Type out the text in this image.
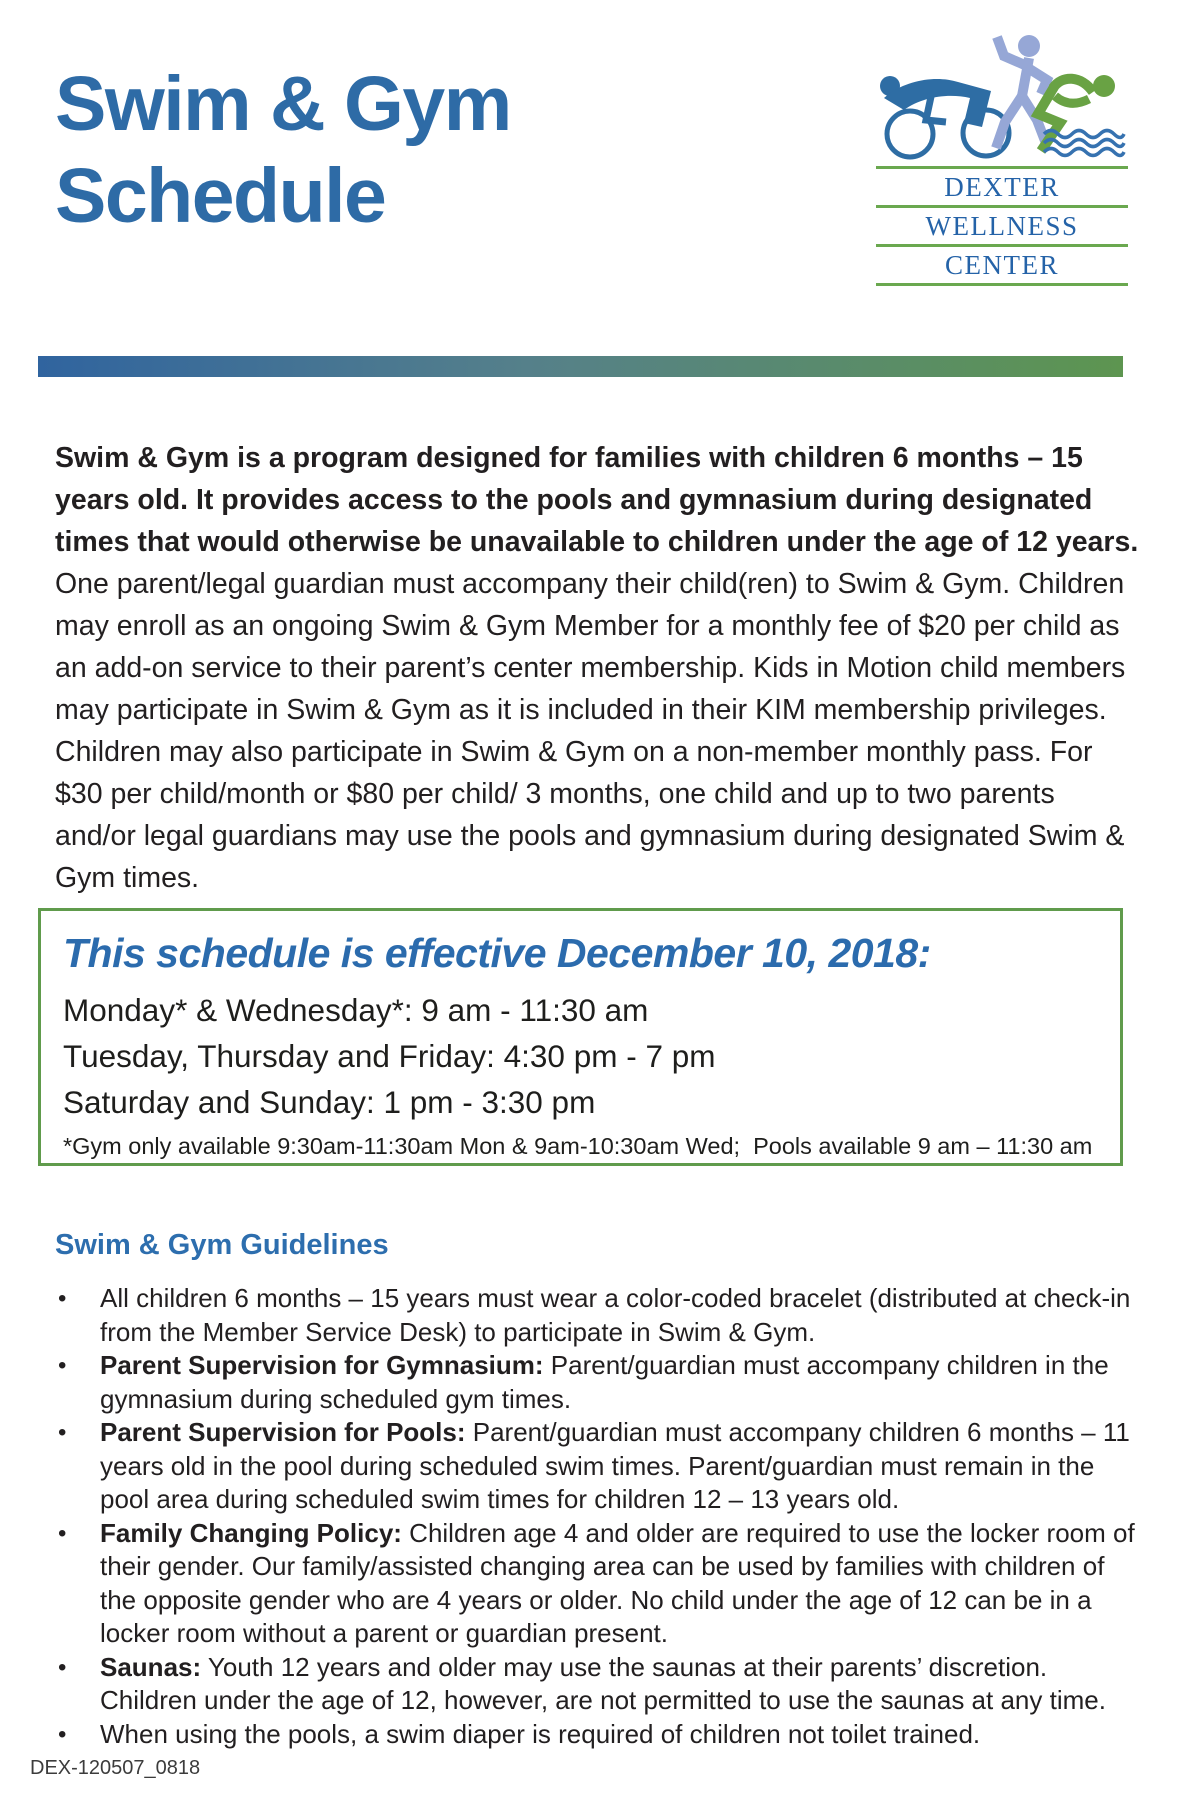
Swim & Gym
Schedule	DEXTER
WELLNESS
CENTER

Swim & Gym is a program designed for families with children 6 months – 15 years old. It provides access to the pools and gymnasium during designated times that would otherwise be unavailable to children under the age of 12 years. One parent/legal guardian must accompany their child(ren) to Swim & Gym. Children may enroll as an ongoing Swim & Gym Member for a monthly fee of $20 per child as an add-on service to their parent’s center membership. Kids in Motion child members may participate in Swim & Gym as it is included in their KIM membership privileges. Children may also participate in Swim & Gym on a non-member monthly pass. For $30 per child/month or $80 per child/ 3 months, one child and up to two parents and/or legal guardians may use the pools and gymnasium during designated Swim & Gym times.

This schedule is effective December 10, 2018:
Monday* & Wednesday*: 9 am - 11:30 am
Tuesday, Thursday and Friday: 4:30 pm - 7 pm
Saturday and Sunday: 1 pm - 3:30 pm
*Gym only available 9:30am-11:30am Mon & 9am-10:30am Wed;  Pools available 9 am – 11:30 am
Swim & Gym Guidelines
• All children 6 months – 15 years must wear a color-coded bracelet (distributed at check-in from the Member Service Desk) to participate in Swim & Gym.
• Parent Supervision for Gymnasium: Parent/guardian must accompany children in the gymnasium during scheduled gym times.
• Parent Supervision for Pools: Parent/guardian must accompany children 6 months – 11 years old in the pool during scheduled swim times. Parent/guardian must remain in the pool area during scheduled swim times for children 12 – 13 years old.
• Family Changing Policy: Children age 4 and older are required to use the locker room of their gender. Our family/assisted changing area can be used by families with children of the opposite gender who are 4 years or older. No child under the age of 12 can be in a locker room without a parent or guardian present.
• Saunas: Youth 12 years and older may use the saunas at their parents’ discretion. Children under the age of 12, however, are not permitted to use the saunas at any time.
• When using the pools, a swim diaper is required of children not toilet trained.
DEX-120507_0818
